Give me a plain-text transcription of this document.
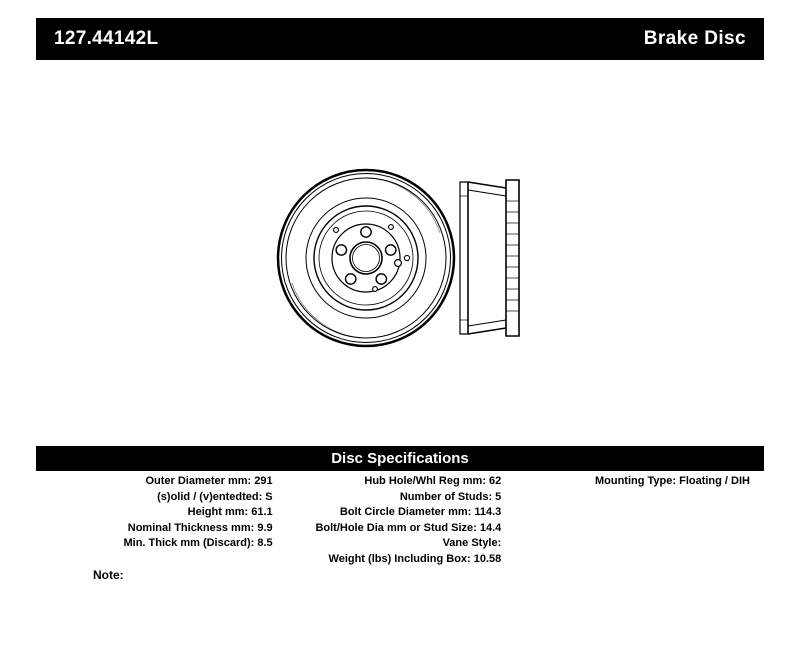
127.44142L	Brake Disc
Disc Specifications
Outer Diameter mm: 291
(s)olid / (v)entedted: S
Height mm: 61.1
Nominal Thickness mm: 9.9
Min. Thick mm (Discard): 8.5
Hub Hole/Whl Reg mm: 62
Number of Studs: 5
Bolt Circle Diameter mm: 114.3
Bolt/Hole Dia mm or Stud Size: 14.4
Vane Style:
Weight (lbs) Including Box: 10.58
Mounting Type: Floating / DIH
Note:
